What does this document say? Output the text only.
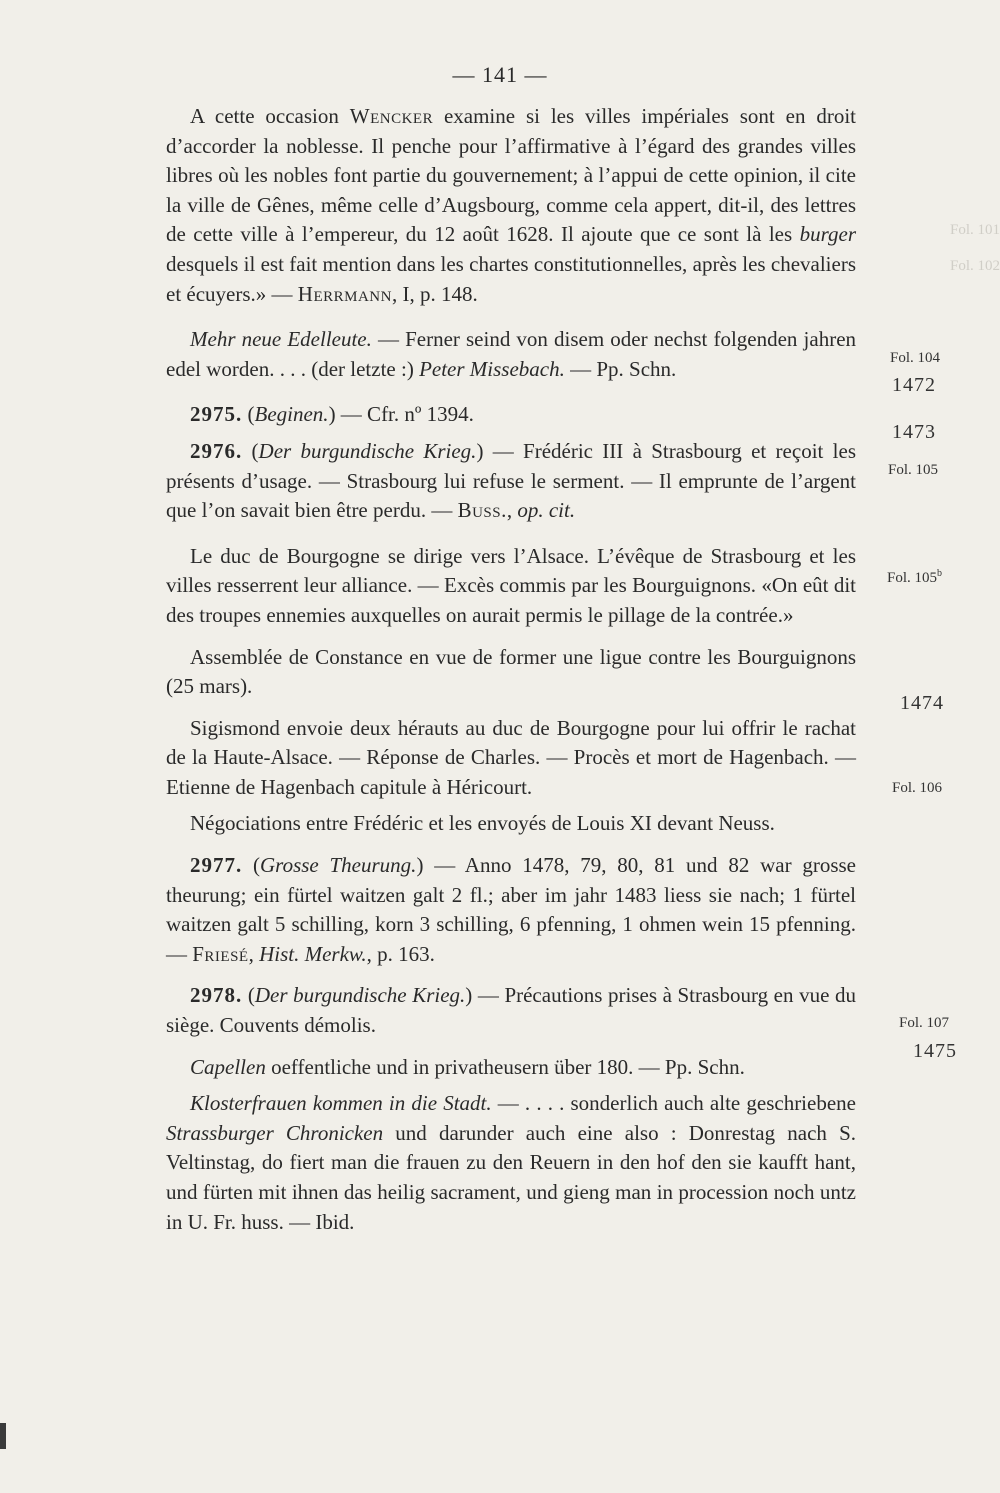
— 141 —

A cette occasion Wencker examine si les villes impériales sont en droit d’accorder la noblesse. Il penche pour l’affirmative à l’égard des grandes villes libres où les nobles font partie du gouvernement; à l’appui de cette opinion, il cite la ville de Gênes, même celle d’Augsbourg, comme cela appert, dit-il, des lettres de cette ville à l’empereur, du 12 août 1628. Il ajoute que ce sont là les burger desquels il est fait mention dans les chartes constitutionnelles, après les chevaliers et écuyers.» — Herrmann, I, p. 148.

Mehr neue Edelleute. — Ferner seind von disem oder nechst folgenden jahren edel worden. . . . (der letzte :) Peter Missebach. — Pp. Schn.

2975. (Beginen.) — Cfr. nº 1394.

2976. (Der burgundische Krieg.) — Frédéric III à Strasbourg et reçoit les présents d’usage. — Strasbourg lui refuse le serment. — Il emprunte de l’argent que l’on savait bien être perdu. — Buss., op. cit.

Le duc de Bourgogne se dirige vers l’Alsace. L’évêque de Strasbourg et les villes resserrent leur alliance. — Excès commis par les Bourguignons. «On eût dit des troupes ennemies auxquelles on aurait permis le pillage de la contrée.»

Assemblée de Constance en vue de former une ligue contre les Bourguignons (25 mars).

Sigismond envoie deux hérauts au duc de Bourgogne pour lui offrir le rachat de la Haute-Alsace. — Réponse de Charles. — Procès et mort de Hagenbach. — Etienne de Hagenbach capitule à Héricourt.

Négociations entre Frédéric et les envoyés de Louis XI devant Neuss.

2977. (Grosse Theurung.) — Anno 1478, 79, 80, 81 und 82 war grosse theurung; ein fürtel waitzen galt 2 fl.; aber im jahr 1483 liess sie nach; 1 fürtel waitzen galt 5 schilling, korn 3 schilling, 6 pfenning, 1 ohmen wein 15 pfenning. — Friesé, Hist. Merkw., p. 163.

2978. (Der burgundische Krieg.) — Précautions prises à Strasbourg en vue du siège. Couvents démolis.

Capellen oeffentliche und in privatheusern über 180. — Pp. Schn.

Klosterfrauen kommen in die Stadt. — . . . . sonderlich auch alte geschriebene Strassburger Chronicken und darunder auch eine also : Donrestag nach S. Veltinstag, do fiert man die frauen zu den Reuern in den hof den sie kaufft hant, und fürten mit ihnen das heilig sacrament, und gieng man in procession noch untz in U. Fr. huss. — Ibid.

Fol. 104
1472
1473
Fol. 105
Fol. 105$^b$
1474
Fol. 106
Fol. 107
1475
Fol. 101
Fol. 102
